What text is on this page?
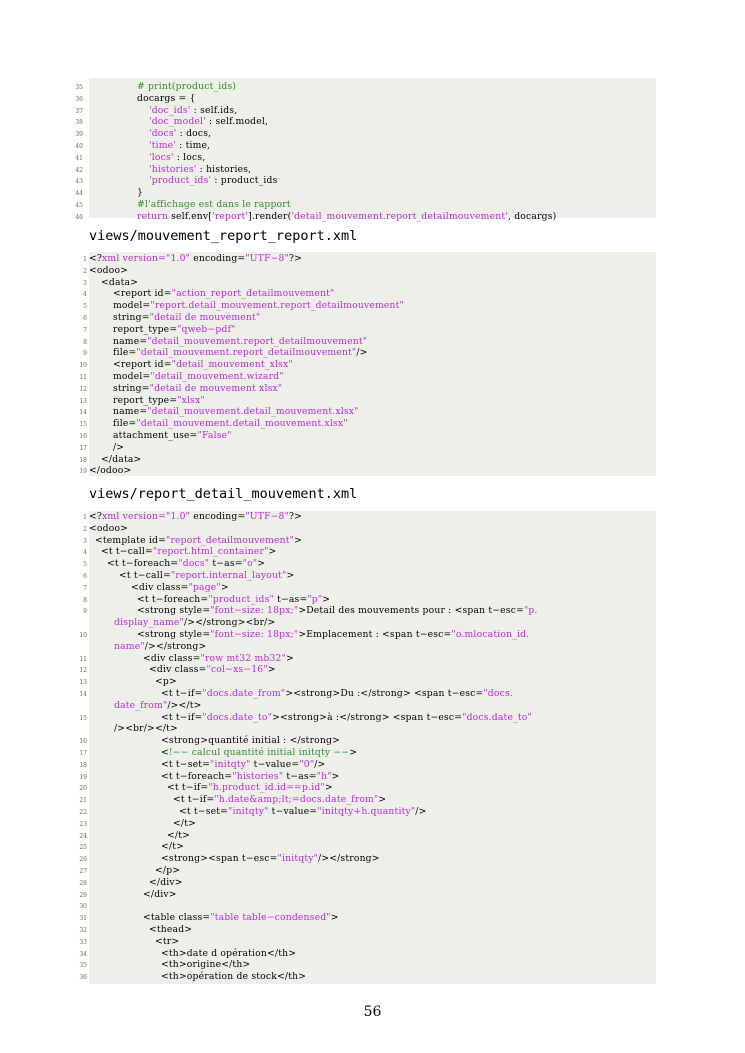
35	# print(product_ids)
36	docargs = {
37	'doc_ids' : self.ids,
38	'doc_model' : self.model,
39	'docs' : docs,
40	'time' : time,
41	'locs' : locs,
42	'histories' : histories,
43	'product_ids' : product_ids
44	}
45	#l'affichage est dans le rapport
46	return self.env['report'].render('detail_mouvement.report_detailmouvement', docargs)
views/mouvement_report_report.xml
1 <?xml version="1.0" encoding="UTF−8"?>
2 <odoo>
3 <data>
4	<report id="action_report_detailmouvement"
5	model="report.detail_mouvement.report_detailmouvement"
6	string="detail de mouvement"
7	report_type="qweb−pdf"
8	name="detail_mouvement.report_detailmouvement"
9	file="detail_mouvement.report_detailmouvement"/>
10	<report id="detail_mouvement_xlsx"
11	model="detail_mouvement.wizard"
12	string="detail de mouvement xlsx"
13	report_type="xlsx"
14	name="detail_mouvement.detail_mouvement.xlsx"
15	file="detail_mouvement.detail_mouvement.xlsx"
16	attachment_use="False"
17	/>
18 </data>
19 </odoo>
views/report_detail_mouvement.xml
1 <?xml version="1.0" encoding="UTF−8"?>
2 <odoo>
3 <template id="report_detailmouvement">
4 <t t−call="report.html_container">
5 <t t−foreach="docs" t−as="o">
6	<t t−call="report.internal_layout">
7	<div class="page">
8	<t t−foreach="product_ids" t−as="p">
9	<strong style="font−size: 18px;">Detail des mouvements pour : <span t−esc="p.
display_name"/></strong><br/>
10	<strong style="font−size: 18px;">Emplacement : <span t−esc="o.mlocation_id.
name"/></strong>
11	<div class="row mt32 mb32">
12	<div class="col−xs−16">
13	<p>
14	<t t−if="docs.date_from"><strong>Du :</strong> <span t−esc="docs.
date_from"/></t>
15	<t t−if="docs.date_to"><strong>à :</strong> <span t−esc="docs.date_to"
/><br/></t>
16	<strong>quantité initial : </strong>
17	<!−− calcul quantité initial initqty −−>
18	<t t−set="initqty" t−value="0"/>
19	<t t−foreach="histories" t−as="h">
20	<t t−if="h.product_id.id==p.id">
21	<t t−if="h.date&amp;lt;=docs.date_from">
22	<t t−set="initqty" t−value="initqty+h.quantity"/>
23	</t>
24	</t>
25	</t>
26	<strong><span t−esc="initqty"/></strong>
27	</p>
28	</div>
29	</div>
30
31	<table class="table table−condensed">
32	<thead>
33	<tr>
34	<th>date d opération</th>
35	<th>origine</th>
36	<th>opération de stock</th>
56
